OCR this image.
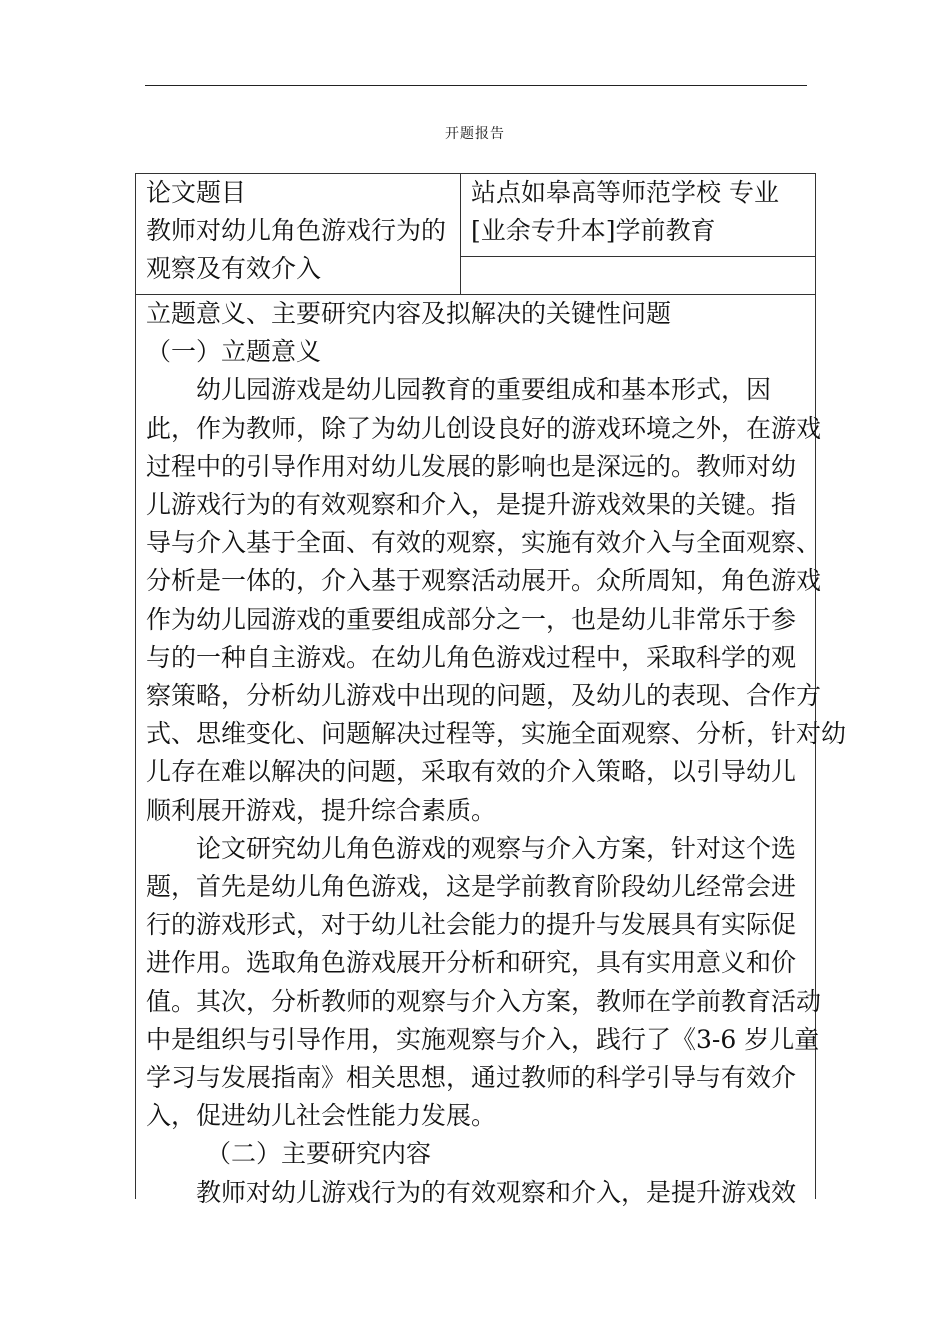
开题报告
论文题目
教师对幼儿角色游戏行为的
观察及有效介入
站点如皋高等师范学校 专业
[业余专升本]学前教育
立题意义、主要研究内容及拟解决的关键性问题
（一）立题意义
幼儿园游戏是幼儿园教育的重要组成和基本形式，因
此，作为教师，除了为幼儿创设良好的游戏环境之外，在游戏
过程中的引导作用对幼儿发展的影响也是深远的。教师对幼
儿游戏行为的有效观察和介入，是提升游戏效果的关键。指
导与介入基于全面、有效的观察，实施有效介入与全面观察、
分析是一体的，介入基于观察活动展开。众所周知，角色游戏
作为幼儿园游戏的重要组成部分之一，也是幼儿非常乐于参
与的一种自主游戏。在幼儿角色游戏过程中，采取科学的观
察策略，分析幼儿游戏中出现的问题，及幼儿的表现、合作方
式、思维变化、问题解决过程等，实施全面观察、分析，针对幼
儿存在难以解决的问题，采取有效的介入策略，以引导幼儿
顺利展开游戏，提升综合素质。
论文研究幼儿角色游戏的观察与介入方案，针对这个选
题，首先是幼儿角色游戏，这是学前教育阶段幼儿经常会进
行的游戏形式，对于幼儿社会能力的提升与发展具有实际促
进作用。选取角色游戏展开分析和研究，具有实用意义和价
值。其次，分析教师的观察与介入方案，教师在学前教育活动
中是组织与引导作用，实施观察与介入，践行了《3-6 岁儿童
学习与发展指南》相关思想，通过教师的科学引导与有效介
入，促进幼儿社会性能力发展。
（二）主要研究内容
教师对幼儿游戏行为的有效观察和介入，是提升游戏效
